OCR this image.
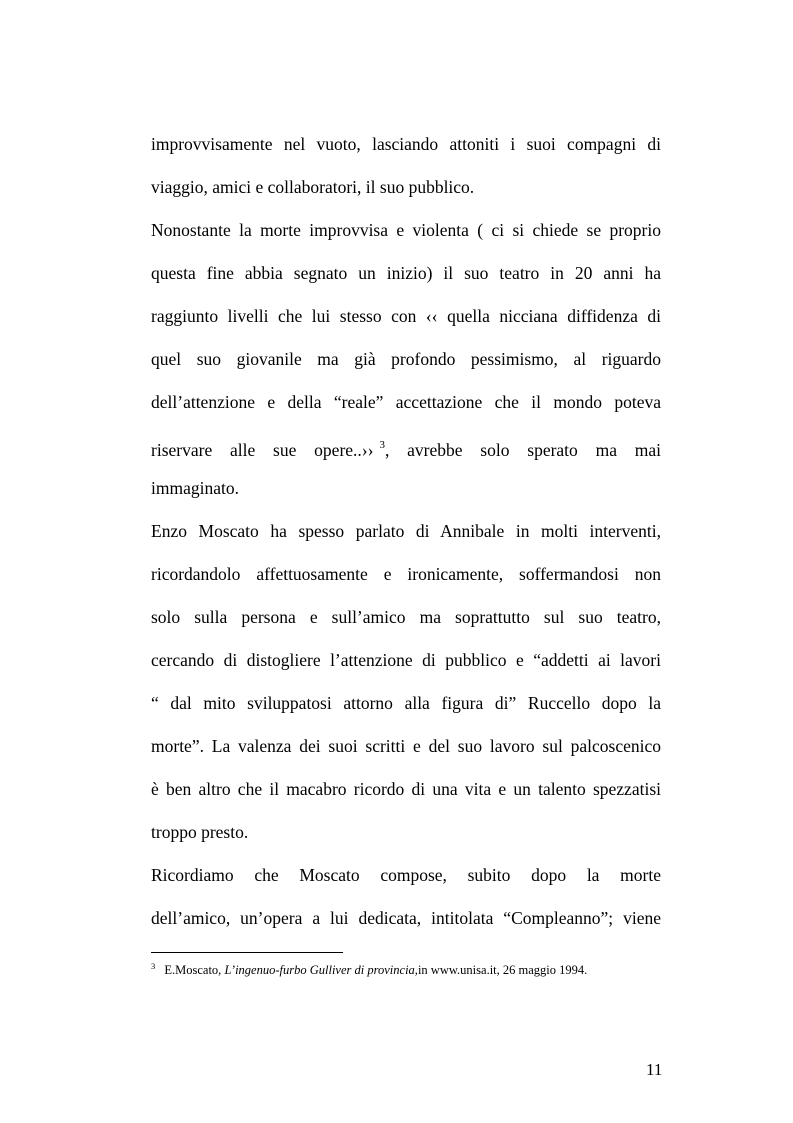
improvvisamente nel vuoto, lasciando attoniti i suoi compagni di
viaggio, amici e collaboratori, il suo pubblico.
Nonostante la morte improvvisa e violenta ( ci si chiede se proprio
questa fine abbia segnato un inizio) il suo teatro in 20 anni ha
raggiunto livelli che lui stesso con ‹‹ quella nicciana diffidenza di
quel suo giovanile ma già profondo pessimismo, al riguardo
dell’attenzione e della “reale” accettazione che il mondo poteva
riservare alle sue opere..›› $^3$, avrebbe solo sperato ma mai
immaginato.
Enzo Moscato ha spesso parlato di Annibale in molti interventi,
ricordandolo affettuosamente e ironicamente, soffermandosi non
solo sulla persona e sull’amico ma soprattutto sul suo teatro,
cercando di distogliere l’attenzione di pubblico e “addetti ai lavori
“ dal mito sviluppatosi attorno alla figura di” Ruccello dopo la
morte”. La valenza dei suoi scritti e del suo lavoro sul palcoscenico
è ben altro che il macabro ricordo di una vita e un talento spezzatisi
troppo presto.
Ricordiamo che Moscato compose, subito dopo la morte
dell’amico, un’opera a lui dedicata, intitolata “Compleanno”; viene
$^3$ E.Moscato, L’ingenuo-furbo Gulliver di provincia,in www.unisa.it, 26 maggio 1994.
11
